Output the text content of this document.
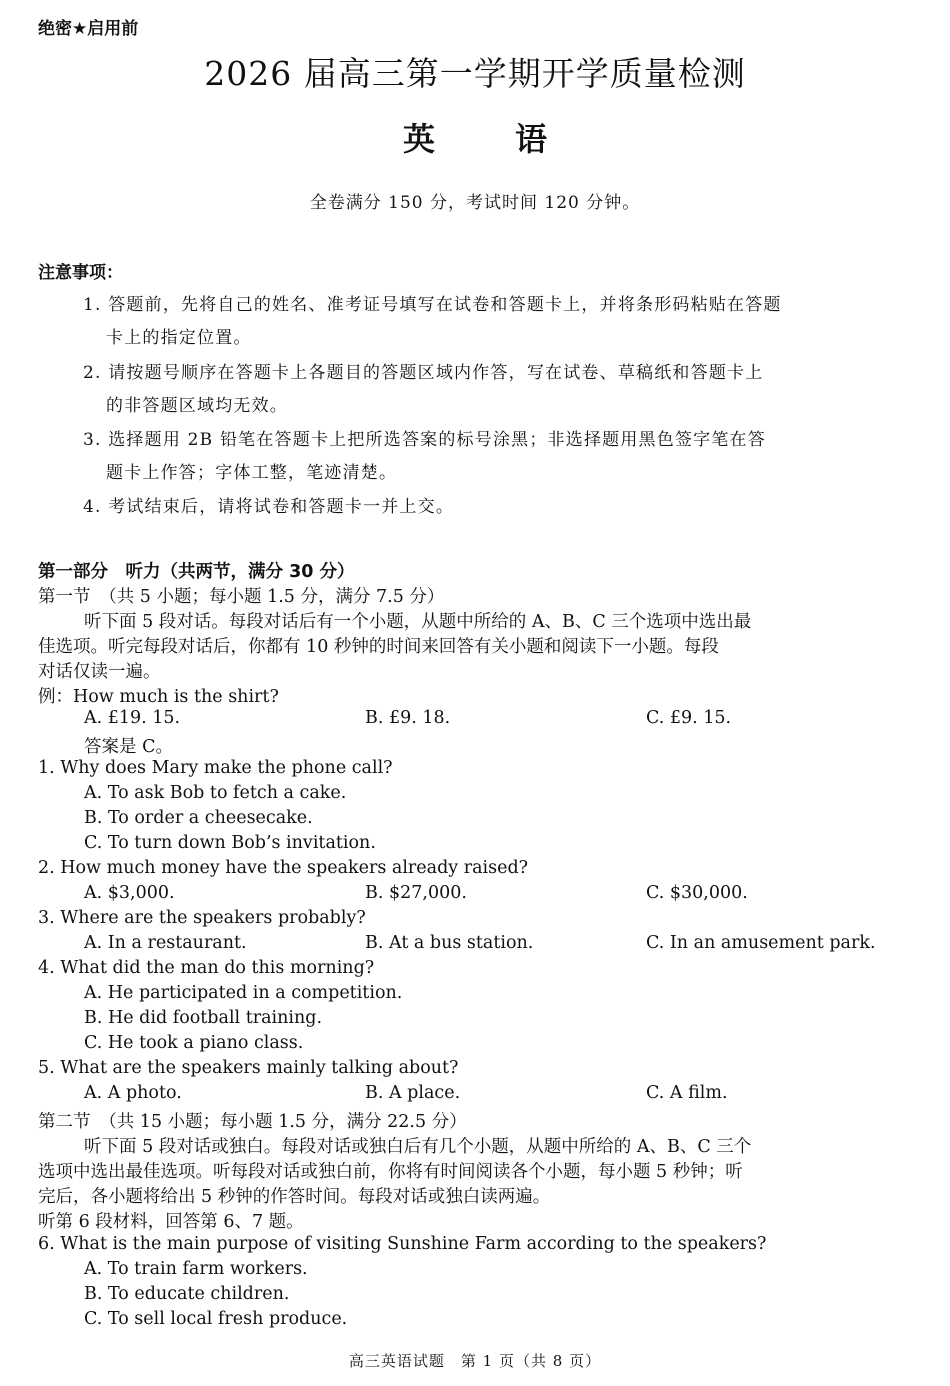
绝密★启用前
2026 届高三第一学期开学质量检测
英	语
全卷满分 150 分，考试时间 120 分钟。
注意事项：
1. 答题前，先将自己的姓名、准考证号填写在试卷和答题卡上，并将条形码粘贴在答题
卡上的指定位置。
2. 请按题号顺序在答题卡上各题目的答题区域内作答，写在试卷、草稿纸和答题卡上
的非答题区域均无效。
3. 选择题用 2B 铅笔在答题卡上把所选答案的标号涂黑；非选择题用黑色签字笔在答
题卡上作答；字体工整，笔迹清楚。
4. 考试结束后，请将试卷和答题卡一并上交。
第一部分　听力（共两节，满分 30 分）
第一节　（共 5 小题；每小题 1.5 分，满分 7.5 分）
听下面 5 段对话。每段对话后有一个小题，从题中所给的 A、B、C 三个选项中选出最
佳选项。听完每段对话后，你都有 10 秒钟的时间来回答有关小题和阅读下一小题。每段
对话仅读一遍。
例：How much is the shirt?
A. £19. 15.	B. £9. 18.	C. £9. 15.
答案是 C。
1. Why does Mary make the phone call?
A. To ask Bob to fetch a cake.
B. To order a cheesecake.
C. To turn down Bob’s invitation.
2. How much money have the speakers already raised?
A. $3,000.	B. $27,000.	C. $30,000.
3. Where are the speakers probably?
A. In a restaurant.	B. At a bus station.	C. In an amusement park.
4. What did the man do this morning?
A. He participated in a competition.
B. He did football training.
C. He took a piano class.
5. What are the speakers mainly talking about?
A. A photo.	B. A place.	C. A film.
第二节　（共 15 小题；每小题 1.5 分，满分 22.5 分）
听下面 5 段对话或独白。每段对话或独白后有几个小题，从题中所给的 A、B、C 三个
选项中选出最佳选项。听每段对话或独白前，你将有时间阅读各个小题，每小题 5 秒钟；听
完后，各小题将给出 5 秒钟的作答时间。每段对话或独白读两遍。
听第 6 段材料，回答第 6、7 题。
6. What is the main purpose of visiting Sunshine Farm according to the speakers?
A. To train farm workers.
B. To educate children.
C. To sell local fresh produce.
高三英语试题　第 1 页（共 8 页）
